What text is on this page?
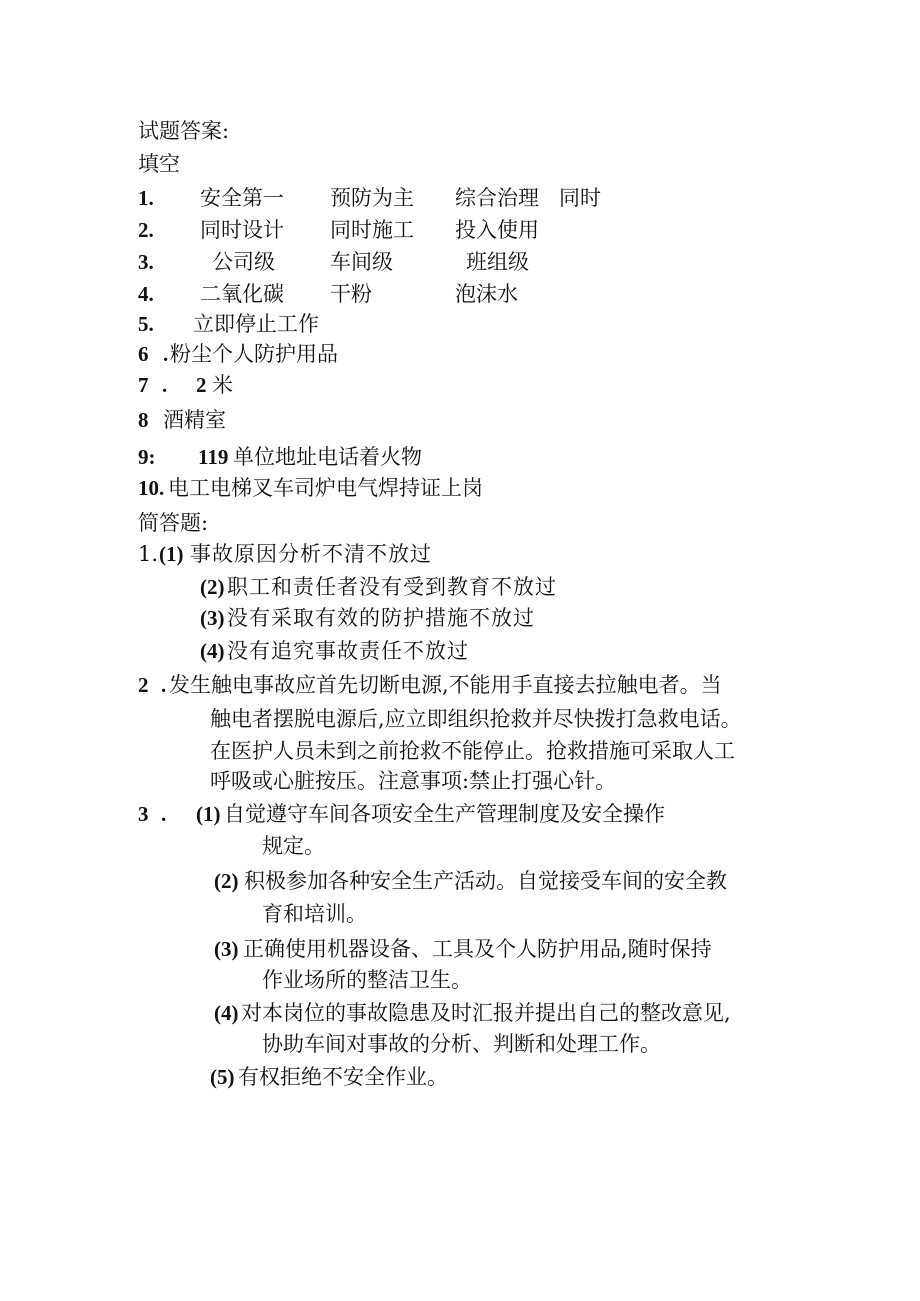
试题答案:
填空
1. 安全第一 预防为主 综合治理 同时
2. 同时设计 同时施工 投入使用
3.	公司级	车间级	班组级
4. 二氧化碳 干粉	泡沫水
5. 立即停止工作
6 . 粉尘个人防护用品
7 . 2 米
8 酒精室
9: 119 单位地址电话着火物
10. 电工电梯叉车司炉电气焊持证上岗
简答题:
1. (1) 事故原因分析不清不放过
(2) 职工和责任者没有受到教育不放过
(3) 没有采取有效的防护措施不放过
(4) 没有追究事故责任不放过
2 . 发生触电事故应首先切断电源,不能用手直接去拉触电者。当
触电者摆脱电源后,应立即组织抢救并尽快拨打急救电话。
在医护人员未到之前抢救不能停止。抢救措施可采取人工
呼吸或心脏按压。注意事项:禁止打强心针。
3 . (1) 自觉遵守车间各项安全生产管理制度及安全操作
规定。
(2) 积极参加各种安全生产活动。自觉接受车间的安全教
育和培训。
(3) 正确使用机器设备、工具及个人防护用品,随时保持
作业场所的整洁卫生。
(4) 对本岗位的事故隐患及时汇报并提出自己的整改意见,
协助车间对事故的分析、判断和处理工作。
(5) 有权拒绝不安全作业。
